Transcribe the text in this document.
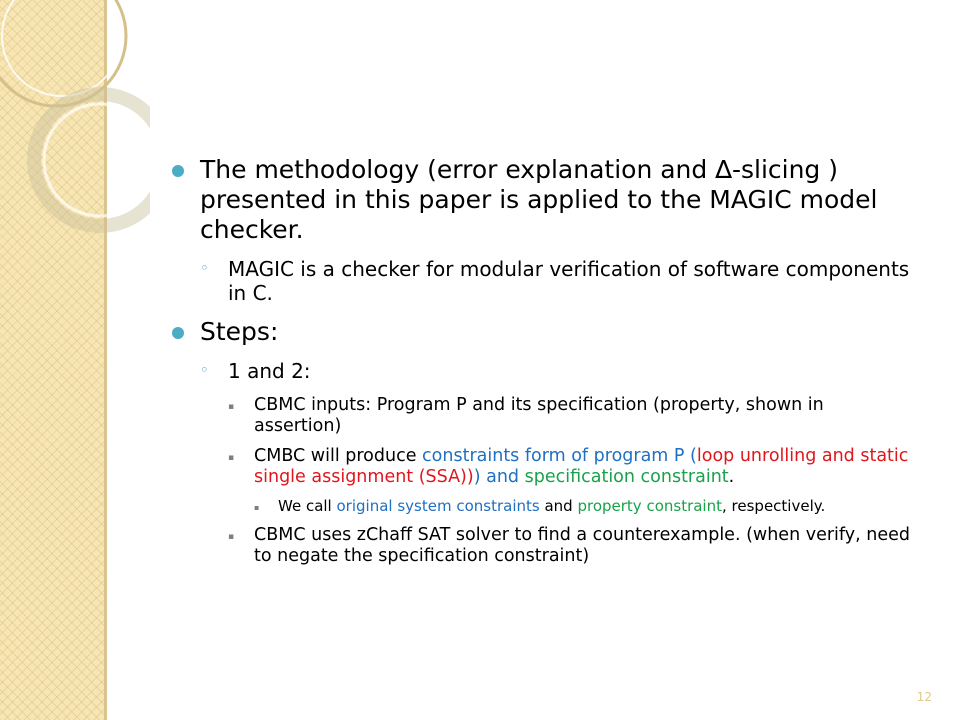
The methodology (error explanation and ∆-slicing ) presented in this paper is applied to the MAGIC model checker.
◦ MAGIC is a checker for modular verification of software components in C.
Steps:
◦ 1 and 2:
▪ CBMC inputs: Program P and its specification (property, shown in assertion)
▪ CMBC will produce constraints form of program P (loop unrolling and static single assignment (SSA))) and specification constraint.
▪ We call original system constraints and property constraint, respectively.
▪ CBMC uses zChaff SAT solver to find a counterexample. (when verify, need to negate the specification constraint)
12
